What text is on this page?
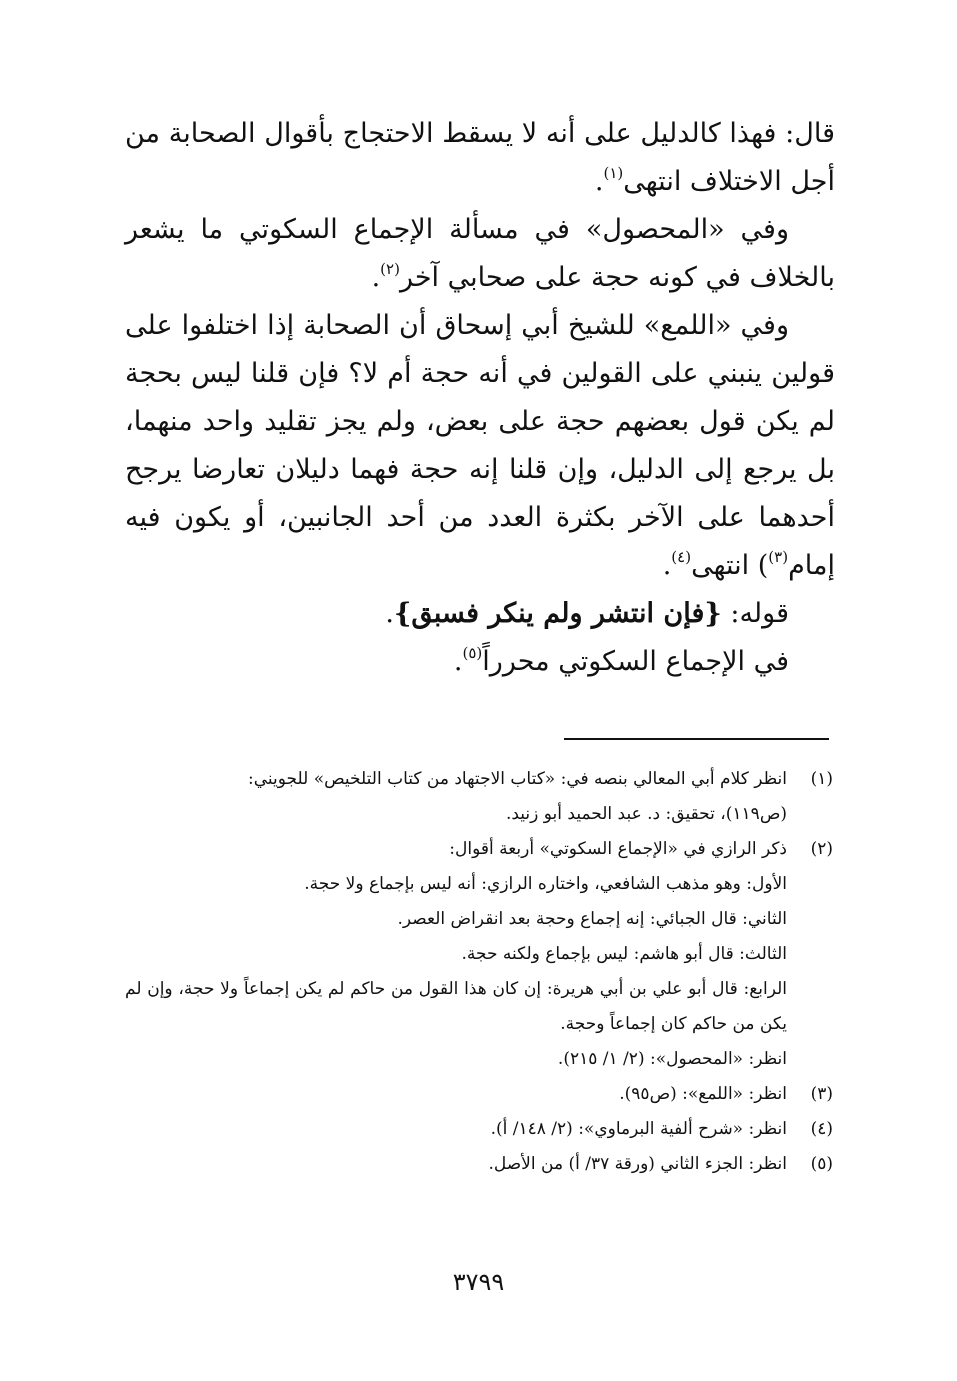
قال: فهذا كالدليل على أنه لا يسقط الاحتجاج بأقوال الصحابة من أجل الاختلاف انتهى$^{(١)}$.

وفي «المحصول» في مسألة الإجماع السكوتي ما يشعر بالخلاف في كونه حجة على صحابي آخر$^{(٢)}$.

وفي «اللمع» للشيخ أبي إسحاق أن الصحابة إذا اختلفوا على قولين ينبني على القولين في أنه حجة أم لا؟ فإن قلنا ليس بحجة لم يكن قول بعضهم حجة على بعض، ولم يجز تقليد واحد منهما، بل يرجع إلى الدليل، وإن قلنا إنه حجة فهما دليلان تعارضا يرجح أحدهما على الآخر بكثرة العدد من أحد الجانبين، أو يكون فيه إمام$^{(٣)}$) انتهى$^{(٤)}$.

قوله: {فإن انتشر ولم ينكر فسبق}.

في الإجماع السكوتي محرراً$^{(٥)}$.

(١)
انظر كلام أبي المعالي بنصه في: «كتاب الاجتهاد من كتاب التلخيص» للجويني:
(ص١١٩)، تحقيق: د. عبد الحميد أبو زنيد.
(٢)
ذكر الرازي في «الإجماع السكوتي» أربعة أقوال:
الأول: وهو مذهب الشافعي، واختاره الرازي: أنه ليس بإجماع ولا حجة.
الثاني: قال الجبائي: إنه إجماع وحجة بعد انقراض العصر.
الثالث: قال أبو هاشم: ليس بإجماع ولكنه حجة.
الرابع: قال أبو علي بن أبي هريرة: إن كان هذا القول من حاكم لم يكن إجماعاً ولا حجة، وإن لم يكن من حاكم كان إجماعاً وحجة.
انظر: «المحصول»: (٢/ ١/ ٢١٥).
(٣)
انظر: «اللمع»: (ص٩٥).
(٤)
انظر: «شرح ألفية البرماوي»: (٢/ ١٤٨/ أ).
(٥)
انظر: الجزء الثاني (ورقة ٣٧/ أ) من الأصل.
٣٧٩٩
